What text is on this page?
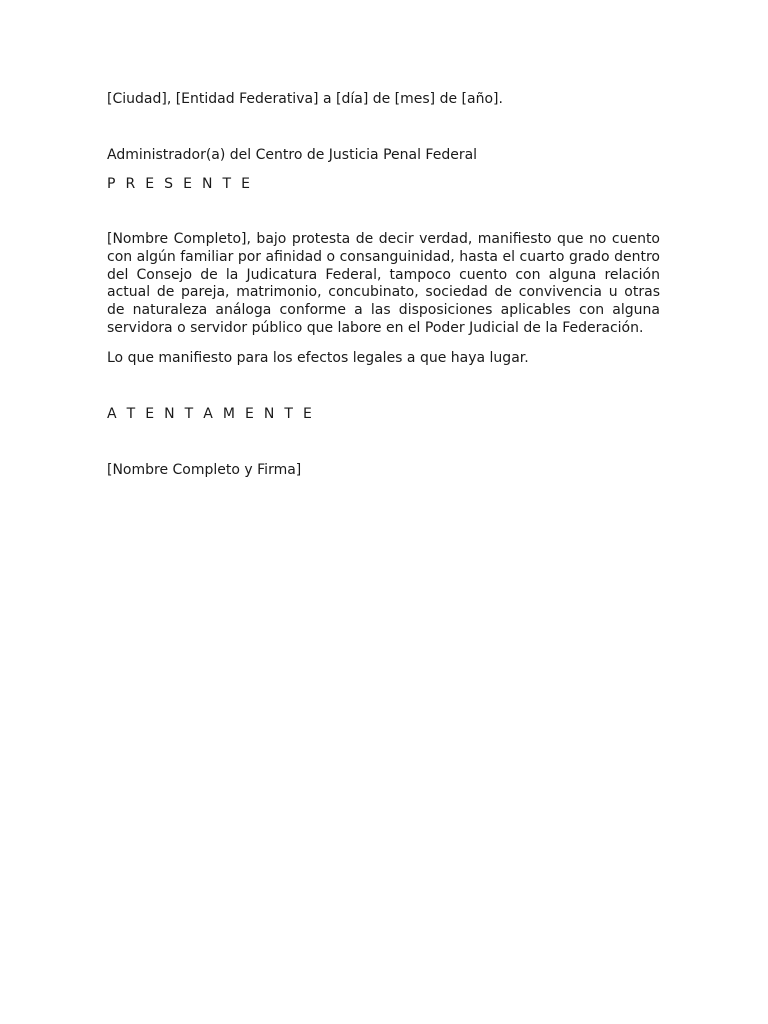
[Ciudad], [Entidad Federativa] a [día] de [mes] de [año].

Administrador(a) del Centro de Justicia Penal Federal

P R E S E N T E

[Nombre Completo], bajo protesta de decir verdad, manifiesto que no cuento con algún familiar por afinidad o consanguinidad, hasta el cuarto grado dentro del Consejo de la Judicatura Federal, tampoco cuento con alguna relación actual de pareja, matrimonio, concubinato, sociedad de convivencia u otras de naturaleza análoga conforme a las disposiciones aplicables con alguna servidora o servidor público que labore en el Poder Judicial de la Federación.

Lo que manifiesto para los efectos legales a que haya lugar.

A T E N T A M E N T E

[Nombre Completo y Firma]
